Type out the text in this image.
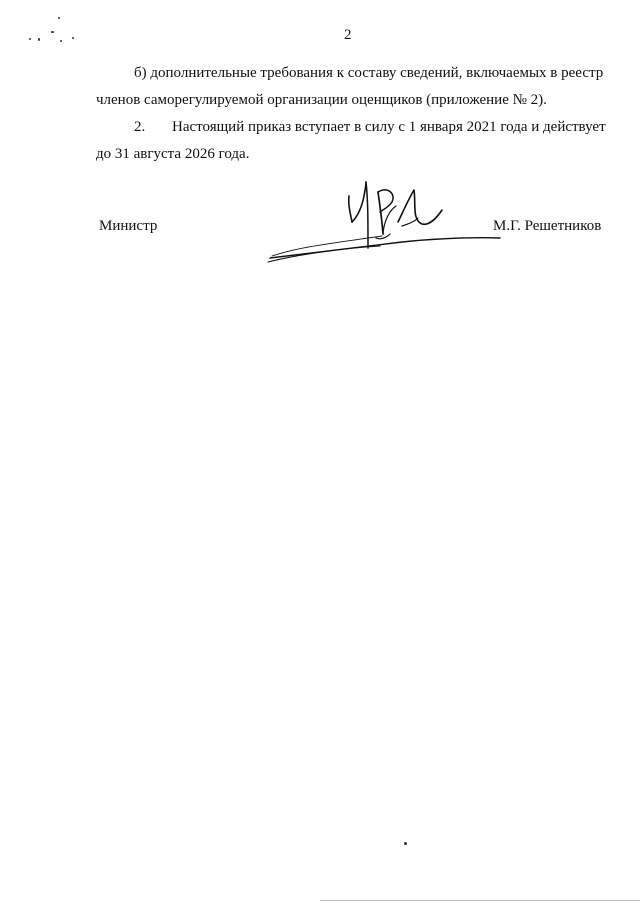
2
б) дополнительные требования к составу сведений, включаемых в реестр
членов саморегулируемой организации оценщиков (приложение № 2).
2. Настоящий приказ вступает в силу с 1 января 2021 года и действует
до 31 августа 2026 года.
Министр	М.Г. Решетников
